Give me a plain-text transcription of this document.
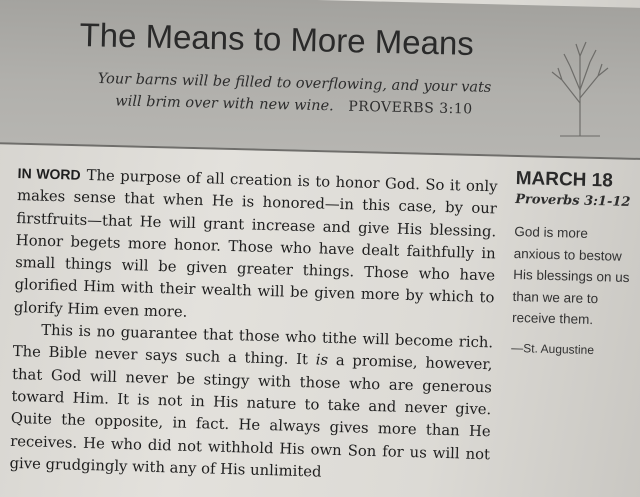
The Means to More Means

Your barns will be filled to overflowing, and your vats
will brim over with new wine. PROVERBS 3:10

IN WORD The purpose of all creation is to honor God. So it only makes sense that when He is honored—in this case, by our firstfruits—that He will grant increase and give His blessing. Honor begets more honor. Those who have dealt faithfully in small things will be given greater things. Those who have glorified Him with their wealth will be given more by which to glorify Him even more.

This is no guarantee that those who tithe will become rich. The Bible never says such a thing. It is a promise, however, that God will never be stingy with those who are generous toward Him. It is not in His nature to take and never give. Quite the opposite, in fact. He always gives more than He receives. He who did not withhold His own Son for us will not give grudgingly with any of His unlimited

MARCH 18

Proverbs 3:1-12

God is more anxious to bestow His blessings on us than we are to receive them.

—St. Augustine
